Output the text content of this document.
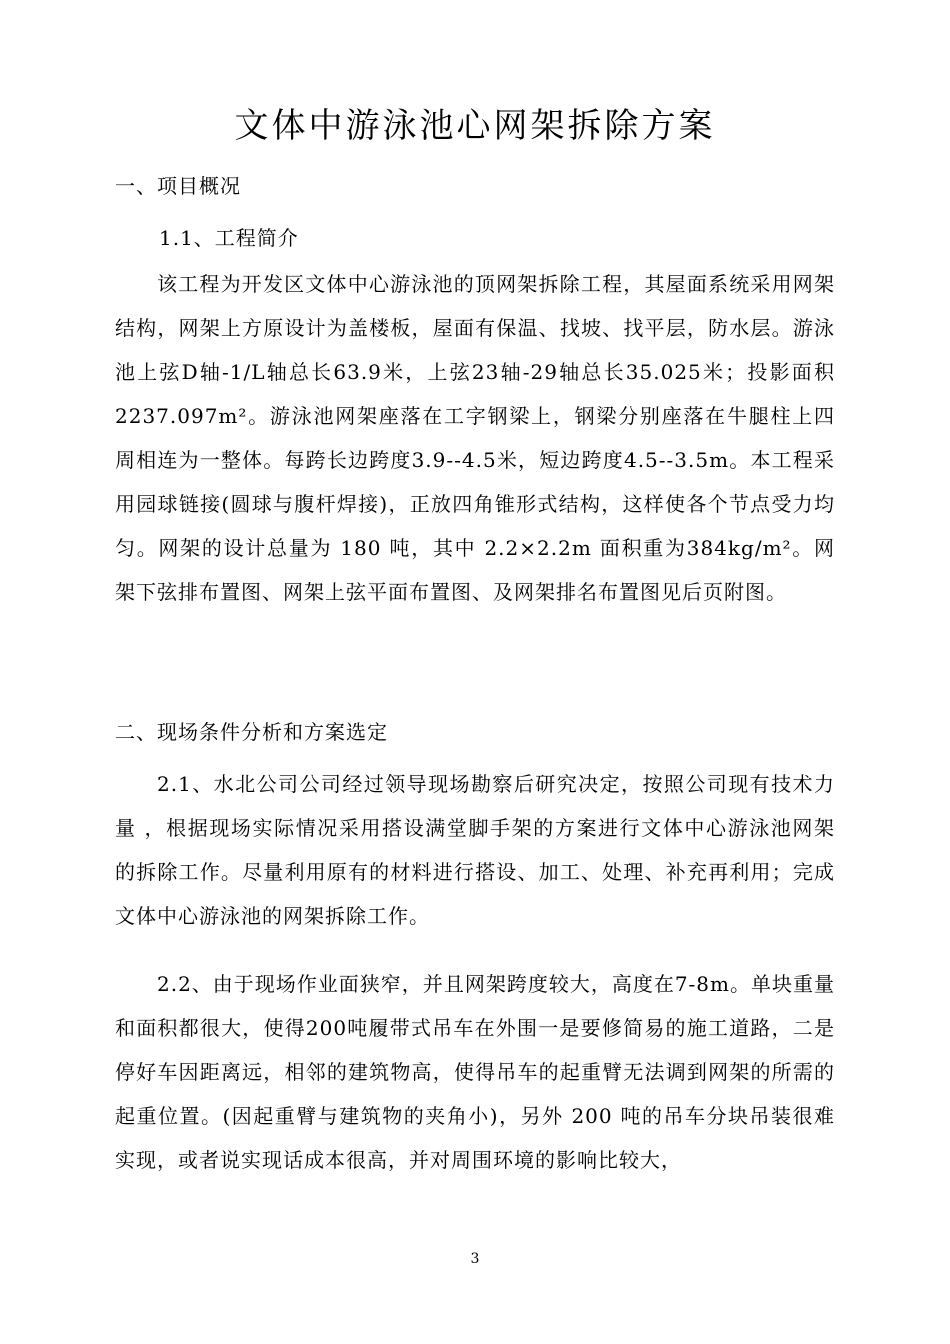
文体中游泳池心网架拆除方案
一、项目概况
1.1、工程简介
该工程为开发区文体中心游泳池的顶网架拆除工程，其屋面系统采用网架结构，网架上方原设计为盖楼板，屋面有保温、找坡、找平层，防水层。游泳池上弦D轴-1/L轴总长63.9米，上弦23轴-29轴总长35.025米；投影面积 2237.097m²。游泳池网架座落在工字钢梁上，钢梁分别座落在牛腿柱上四周相连为一整体。每跨长边跨度3.9--4.5米，短边跨度4.5--3.5m。本工程采用园球链接(圆球与腹杆焊接)，正放四角锥形式结构，这样使各个节点受力均匀。网架的设计总量为 180 吨，其中 2.2×2.2m 面积重为384kg/m²。网架下弦排布置图、网架上弦平面布置图、及网架排名布置图见后页附图。
二、现场条件分析和方案选定
2.1、水北公司公司经过领导现场勘察后研究决定，按照公司现有技术力量 ，根据现场实际情况采用搭设满堂脚手架的方案进行文体中心游泳池网架的拆除工作。尽量利用原有的材料进行搭设、加工、处理、补充再利用；完成文体中心游泳池的网架拆除工作。
2.2、由于现场作业面狭窄，并且网架跨度较大，高度在7-8m。单块重量和面积都很大，使得200吨履带式吊车在外围一是要修简易的施工道路，二是停好车因距离远，相邻的建筑物高，使得吊车的起重臂无法调到网架的所需的起重位置。(因起重臂与建筑物的夹角小)，另外 200 吨的吊车分块吊装很难实现，或者说实现话成本很高，并对周围环境的影响比较大，
3
